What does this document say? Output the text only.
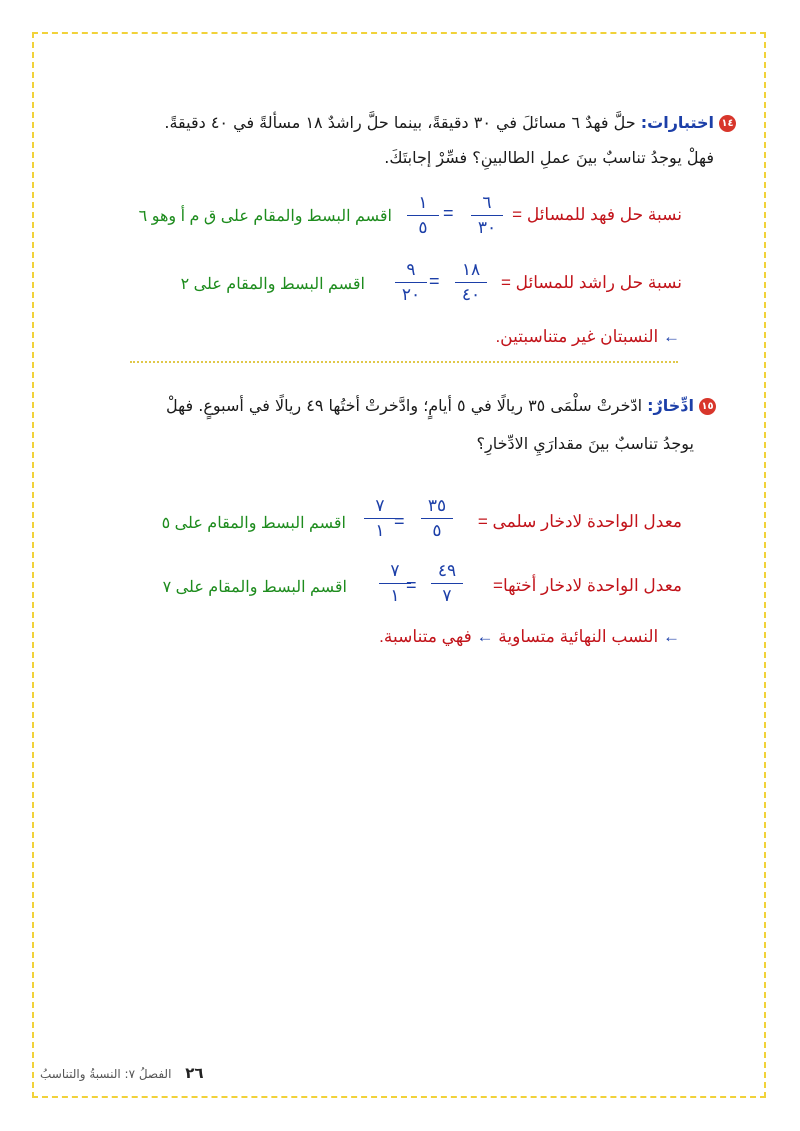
١٤اختبارات: حلَّ فهدٌ ٦ مسائلَ في ٣٠ دقيقةً، بينما حلَّ راشدٌ ١٨ مسألةً في ٤٠ دقيقةً.
فهلْ يوجدُ تناسبٌ بينَ عملِ الطالبينِ؟ فسِّرْ إجابتَكَ.
نسبة حل فهد للمسائل =
٦
٣٠
=
١
٥
اقسم البسط والمقام على ق م أ وهو ٦
نسبة حل راشد للمسائل =
١٨
٤٠
=
٩
٢٠
اقسم البسط والمقام على ٢
← النسبتان غير متناسبتين.
١٥ادِّخارٌ: ادّخرتْ سلْمَى ٣٥ ريالًا في ٥ أيامٍ؛ وادَّخرتْ أختُها ٤٩ ريالًا في أسبوعٍ. فهلْ
يوجدُ تناسبٌ بينَ مقدارَيِ الادِّخارِ؟
معدل الواحدة لادخار سلمى =
٣٥
٥
=
٧
١
اقسم البسط والمقام على ٥
معدل الواحدة لادخار أختها=
٤٩
٧
=
٧
١
اقسم البسط والمقام على ٧
← النسب النهائية متساوية ← فهي متناسبة.
٢٦ الفصلُ ٧: النسبةُ والتناسبُ
